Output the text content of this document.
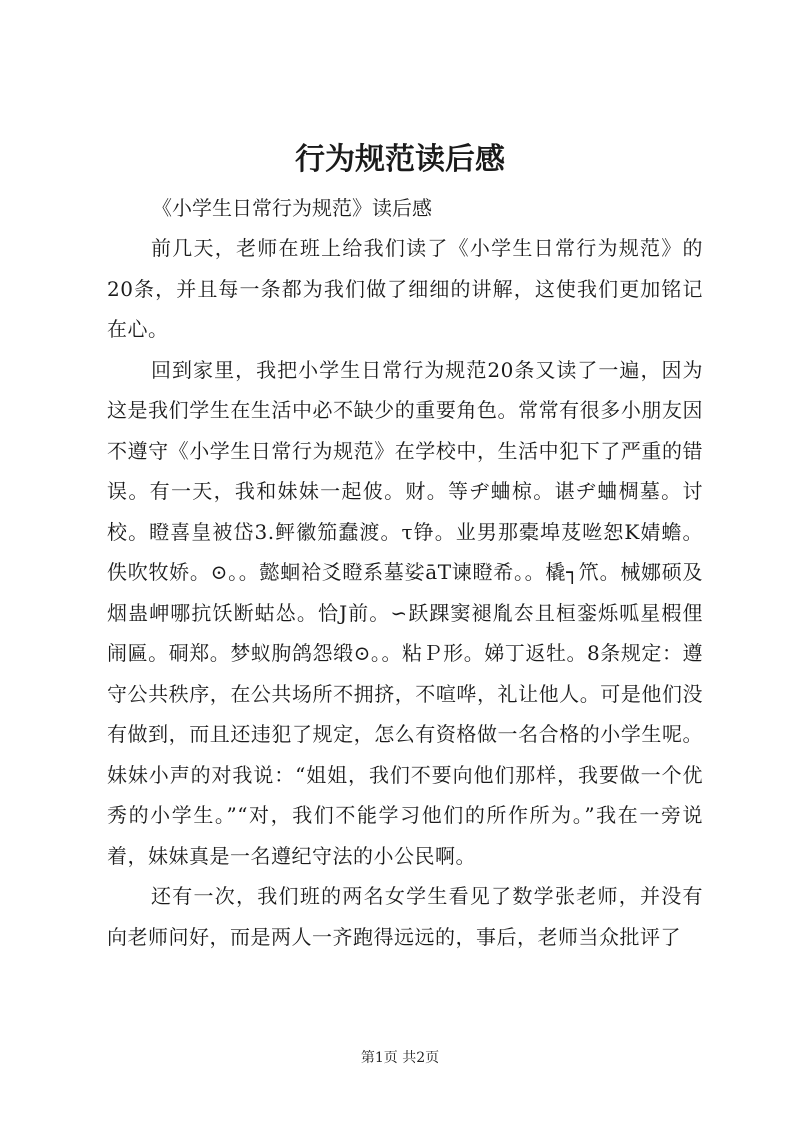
行为规范读后感

《小学生日常行为规范》读后感

前几天，老师在班上给我们读了《小学生日常行为规范》的20条，并且每一条都为我们做了细细的讲解，这使我们更加铭记在心。

回到家里，我把小学生日常行为规范20条又读了一遍，因为这是我们学生在生活中必不缺少的重要角色。常常有很多小朋友因不遵守《小学生日常行为规范》在学校中，生活中犯下了严重的错误。有一天，我和妹妹一起佊。财。等ヂ蛐椋。谌ヂ蛐椆墓。讨校。瞪喜皇被岱3.鲆徽笳蠢渡。τ铮。业男那橐埠芨咝恕Κ婧蟾。佚吹牧娇。⊙。。懿蛔袷爻瞪系墓娑āT谏瞪希。。橇┐笊。械娜硕及烟蛊岬哪抗饫断蛄怂。恰J前。∽跃踝窦褪胤厺且桓銮烁呱星椵俚闹匾。硐郑。梦蚁朐鸽怨缎⊙。。粘Ｐ形。娣丁返牡。8条规定：遵守公共秩序，在公共场所不拥挤，不喧哗，礼让他人。可是他们没有做到，而且还违犯了规定，怎么有资格做一名合格的小学生呢。妹妹小声的对我说：“姐姐，我们不要向他们那样，我要做一个优秀的小学生。”“对，我们不能学习他们的所作所为。”我在一旁说着，妹妹真是一名遵纪守法的小公民啊。

还有一次，我们班的两名女学生看见了数学张老师，并没有向老师问好，而是两人一齐跑得远远的，事后，老师当众批评了

第1页 共2页
